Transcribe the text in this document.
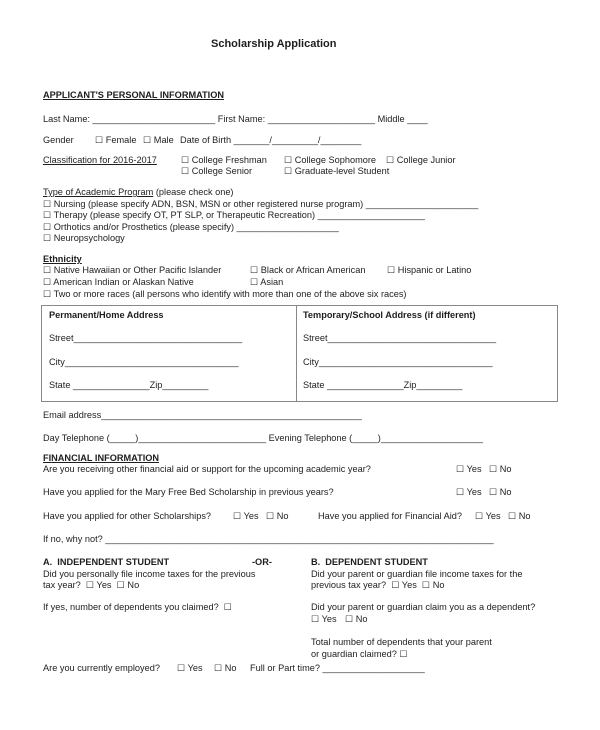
Scholarship Application
APPLICANT'S PERSONAL INFORMATION
Last Name: ________________________ First Name: _____________________ Middle ____
Gender ☐ Female ☐ Male Date of Birth _______/_________/________
Classification for 2016-2017	☐ College Freshman ☐ College Sophomore ☐ College Junior
☐ College Senior	☐ Graduate-level Student
Type of Academic Program (please check one)
☐ Nursing (please specify ADN, BSN, MSN or other registered nurse program) ______________________
☐ Therapy (please specify OT, PT SLP, or Therapeutic Recreation) _____________________
☐ Orthotics and/or Prosthetics (please specify) ____________________
☐ Neuropsychology
Ethnicity
☐ Native Hawaiian or Other Pacific Islander	☐ Black or African American ☐ Hispanic or Latino
☐ American Indian or Alaskan Native	☐ Asian
☐ Two or more races (all persons who identify with more than one of the above six races)
Permanent/Home Address
Street_________________________________
City__________________________________
State _______________Zip_________
Temporary/School Address (if different)
Street_________________________________
City__________________________________
State _______________Zip_________
Email address___________________________________________________
Day Telephone (_____)_________________________ Evening Telephone (_____)____________________
FINANCIAL INFORMATION
Are you receiving other financial aid or support for the upcoming academic year?	☐ Yes ☐ No
Have you applied for the Mary Free Bed Scholarship in previous years?	☐ Yes ☐ No
Have you applied for other Scholarships? ☐ Yes ☐ No	Have you applied for Financial Aid? ☐ Yes ☐ No
If no, why not? ____________________________________________________________________________
A.  INDEPENDENT STUDENT	-OR-
Did you personally file income taxes for the previous
tax year? ☐ Yes ☐ No
If yes, number of dependents you claimed?  ☐
B.  DEPENDENT STUDENT
Did your parent or guardian file income taxes for the
previous tax year? ☐ Yes ☐ No
Did your parent or guardian claim you as a dependent?
☐ Yes ☐ No
Total number of dependents that your parent
or guardian claimed? ☐
Are you currently employed? ☐ Yes ☐ No Full or Part time? ____________________
